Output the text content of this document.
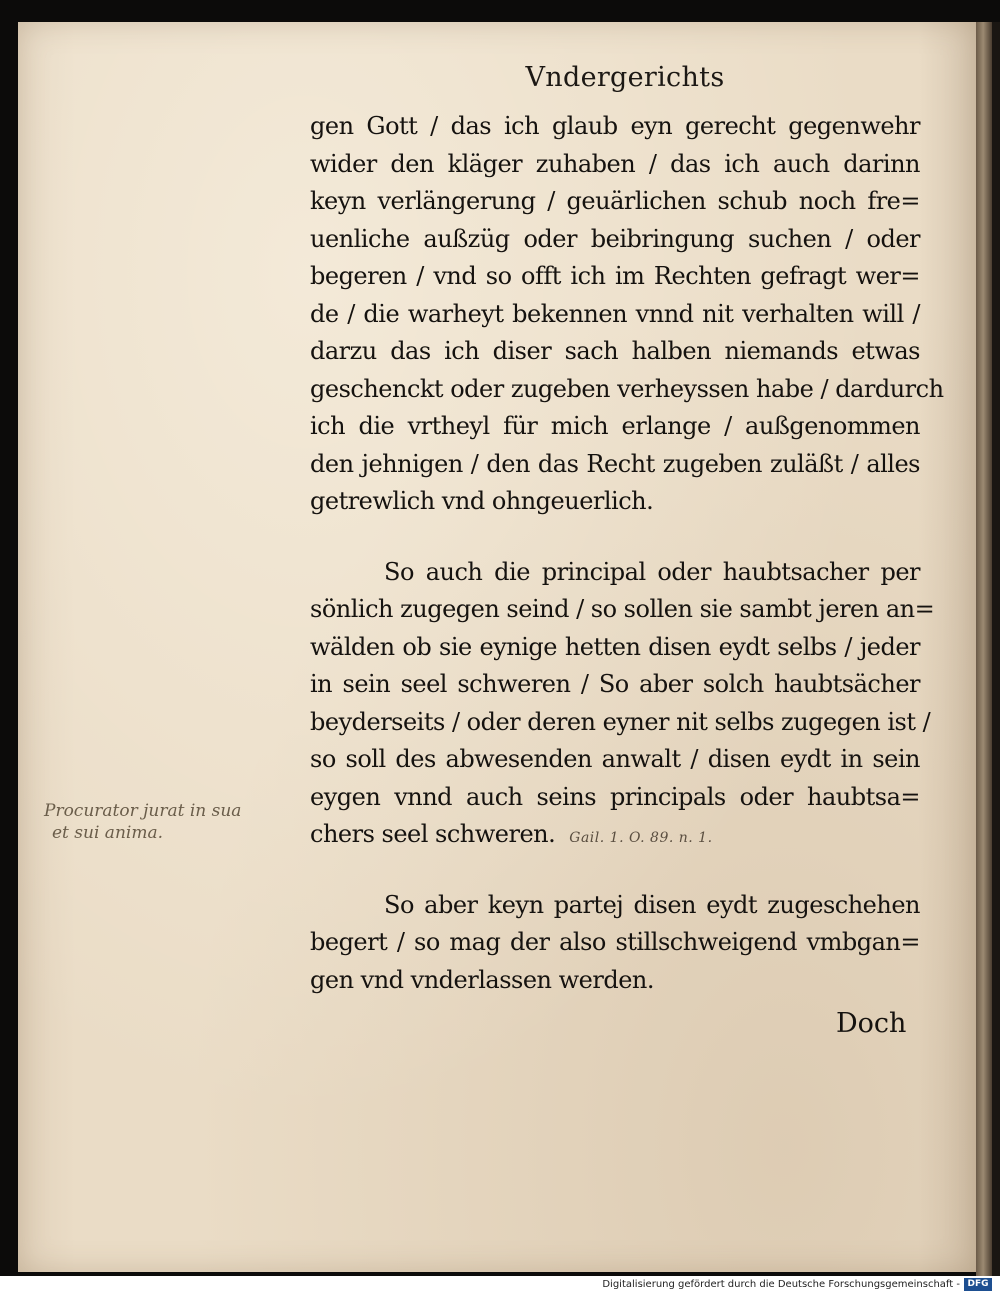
Vndergerichts
gen Gott / das ich glaub eyn gerecht gegenwehr
wider den kläger zuhaben / das ich auch darinn
keyn verlängerung / geuärlichen schub noch fre=
uenliche außzüg oder beibringung suchen / oder
begeren / vnd so offt ich im Rechten gefragt wer=
de / die warheyt bekennen vnnd nit verhalten will /
darzu das ich diser sach halben niemands etwas
geschenckt oder zugeben verheyssen habe / dardurch
ich die vrtheyl für mich erlange / außgenommen
den jehnigen / den das Recht zugeben zuläßt / alles
getrewlich vnd ohngeuerlich.
So auch die principal oder haubtsacher per
sönlich zugegen seind / so sollen sie sambt jeren an=
wälden ob sie eynige hetten disen eydt selbs / jeder
in sein seel schweren / So aber solch haubtsächer
beyderseits / oder deren eyner nit selbs zugegen ist /
so soll des abwesenden anwalt / disen eydt in sein
eygen vnnd auch seins principals oder haubtsa=
chers seel schweren. Gail. 1. O. 89. n. 1.
So aber keyn partej disen eydt zugeschehen
begert / so mag der also stillschweigend vmbgan=
gen vnd vnderlassen werden.
Procurator jurat in sua
et sui anima.
Doch
Digitalisierung gefördert durch die Deutsche Forschungsgemeinschaft - DFG
